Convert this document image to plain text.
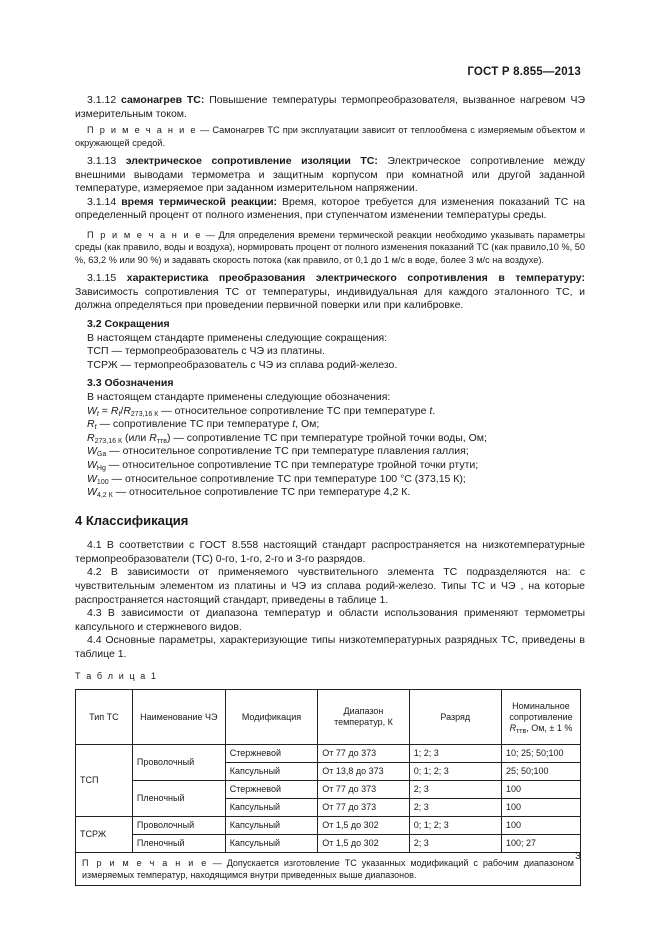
ГОСТ Р 8.855—2013

3.1.12 самонагрев ТС: Повышение температуры термопреобразователя, вызванное нагревом ЧЭ измерительным током.

П р и м е ч а н и е — Самонагрев ТС при эксплуатации зависит от теплообмена с измеряемым объектом и окружающей средой.

3.1.13 электрическое сопротивление изоляции ТС: Электрическое сопротивление между внешними выводами термометра и защитным корпусом при комнатной или другой заданной температуре, измеряемое при заданном измерительном напряжении.

3.1.14 время термической реакции: Время, которое требуется для изменения показаний ТС на определенный процент от полного изменения, при ступенчатом изменении температуры среды.

П р и м е ч а н и е — Для определения времени термической реакции необходимо указывать параметры среды (как правило, воды и воздуха), нормировать процент от полного изменения показаний ТС (как правило,10 %, 50 %, 63,2 % или 90 %) и задавать скорость потока (как правило, от 0,1 до 1 м/с в воде, более 3 м/с на воздухе).

3.1.15 характеристика преобразования электрического сопротивления в температуру: Зависимость сопротивления ТС от температуры, индивидуальная для каждого эталонного ТС, и должна определяться при проведении первичной поверки или при калибровке.

3.2 Сокращения

В настоящем стандарте применены следующие сокращения:

ТСП — термопреобразователь с ЧЭ из платины.

ТСРЖ — термопреобразователь с ЧЭ из сплава родий-железо.

3.3 Обозначения

В настоящем стандарте применены следующие обозначения:

$W_t = R_t/R_{273,16 К}$ — относительное сопротивление ТС при температуре t.

$R_t$ — сопротивление ТС при температуре t, Ом;

$R_{273,16 К}$ (или $R_{ттв}$) — сопротивление ТС при температуре тройной точки воды, Ом;

$W_{Ga}$ — относительное сопротивление ТС при температуре плавления галлия;

$W_{Hg}$ — относительное сопротивление ТС при температуре тройной точки ртути;

$W_{100}$ — относительное сопротивление ТС при температуре 100 °С (373,15 К);

$W_{4,2 К}$ — относительное сопротивление ТС при температуре 4,2 К.

4 Классификация

4.1 В соответствии с ГОСТ 8.558 настоящий стандарт распространяется на низкотемпературные термопреобразователи (ТС) 0-го, 1-го, 2-го и 3-го разрядов.

4.2 В зависимости от применяемого чувствительного элемента ТС подразделяются на: с чувствительным элементом из платины и ЧЭ из сплава родий-железо. Типы ТС и ЧЭ , на которые распространяется настоящий стандарт, приведены в таблице 1.

4.3 В зависимости от диапазона температур и области использования применяют термометры капсульного и стержневого видов.

4.4 Основные параметры, характеризующие типы низкотемпературных разрядных ТС, приведены в таблице 1.

Т а б л и ц а 1

Тип ТС	Наименование ЧЭ	Модификация	Диапазон температур, К	Разряд	Номинальное сопротивление $R_{ттв}$, Ом, ± 1 %
ТСП	Проволочный	Стержневой	От 77 до 373	1; 2; 3	10; 25; 50;100
		Капсульный	От 13,8 до 373	0; 1; 2; 3	25; 50;100
	Пленочный	Стержневой	От 77 до 373	2; 3	100
		Капсульный	От 77 до 373	2; 3	100
ТСРЖ	Проволочный	Капсульный	От 1,5 до 302	0; 1; 2; 3	100
	Пленочный	Капсульный	От 1,5 до 302	2; 3	100; 27
П р и м е ч а н и е — Допускается изготовление ТС указанных модификаций с рабочим диапазоном измеряемых температур, находящимся внутри приведенных выше диапазонов.					
3
